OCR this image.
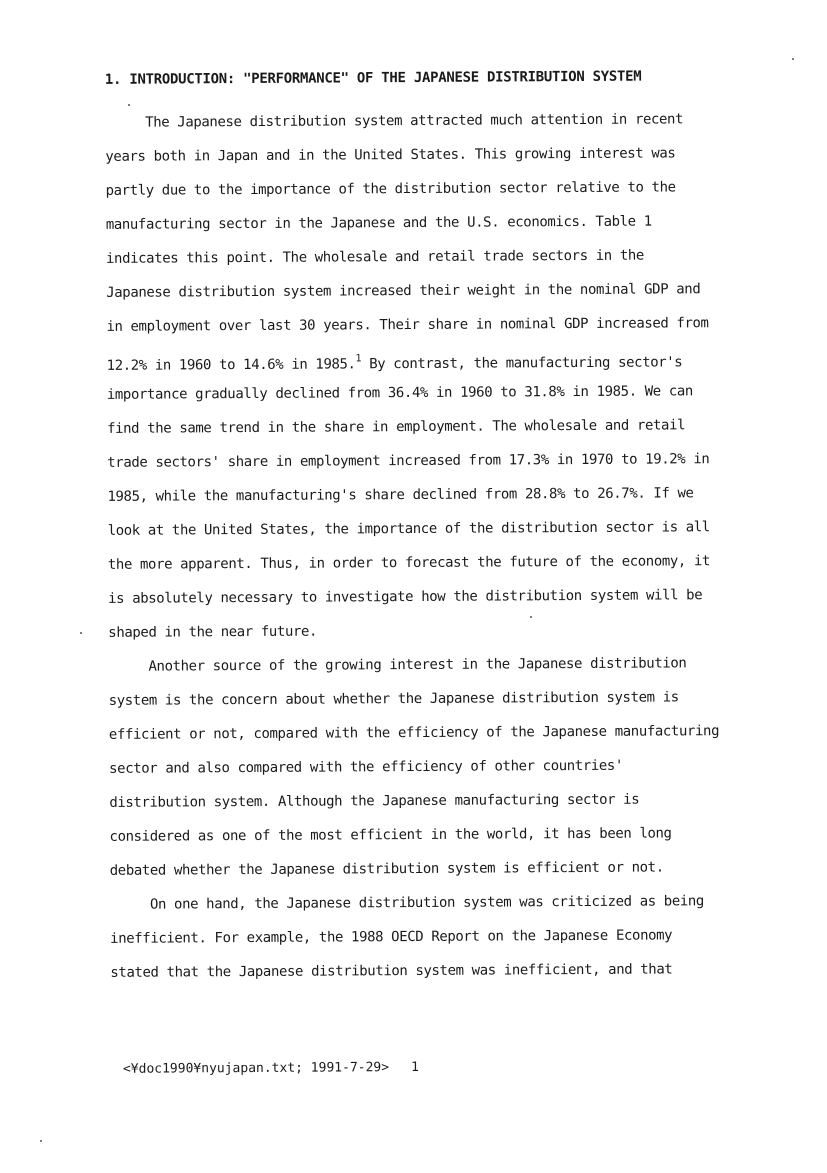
1. INTRODUCTION: "PERFORMANCE" OF THE JAPANESE DISTRIBUTION SYSTEM
The Japanese distribution system attracted much attention in recent
years both in Japan and in the United States. This growing interest was
partly due to the importance of the distribution sector relative to the
manufacturing sector in the Japanese and the U.S. economics. Table 1
indicates this point. The wholesale and retail trade sectors in the
Japanese distribution system increased their weight in the nominal GDP and
in employment over last 30 years. Their share in nominal GDP increased from
12.2% in 1960 to 14.6% in 1985.$^1$ By contrast, the manufacturing sector's
importance gradually declined from 36.4% in 1960 to 31.8% in 1985. We can
find the same trend in the share in employment. The wholesale and retail
trade sectors' share in employment increased from 17.3% in 1970 to 19.2% in
1985, while the manufacturing's share declined from 28.8% to 26.7%. If we
look at the United States, the importance of the distribution sector is all
the more apparent. Thus, in order to forecast the future of the economy, it
is absolutely necessary to investigate how the distribution system will be
shaped in the near future.
Another source of the growing interest in the Japanese distribution
system is the concern about whether the Japanese distribution system is
efficient or not, compared with the efficiency of the Japanese manufacturing
sector and also compared with the efficiency of other countries'
distribution system. Although the Japanese manufacturing sector is
considered as one of the most efficient in the world, it has been long
debated whether the Japanese distribution system is efficient or not.
On one hand, the Japanese distribution system was criticized as being
inefficient. For example, the 1988 OECD Report on the Japanese Economy
stated that the Japanese distribution system was inefficient, and that
<¥doc1990¥nyujapan.txt; 1991-7-29> 1
